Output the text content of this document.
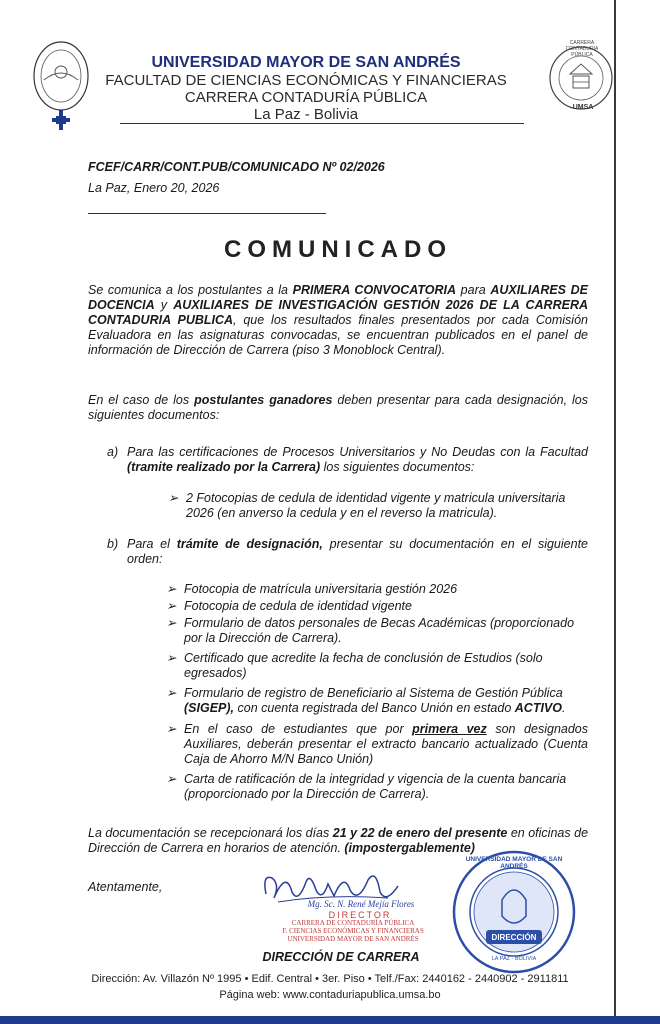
CARRERA CONTADURIA PÚBLICA
UMSA
UNIVERSIDAD MAYOR DE SAN ANDRÉS
FACULTAD DE CIENCIAS ECONÓMICAS Y FINANCIERAS
CARRERA CONTADURÍA PÚBLICA
La Paz - Bolivia
FCEF/CARR/CONT.PUB/COMUNICADO Nº 02/2026
La Paz, Enero 20, 2026
COMUNICADO
Se comunica a los postulantes a la PRIMERA CONVOCATORIA para AUXILIARES DE DOCENCIA y AUXILIARES DE INVESTIGACIÓN GESTIÓN 2026 DE LA CARRERA CONTADURIA PUBLICA, que los resultados finales presentados por cada Comisión Evaluadora en las asignaturas convocadas, se encuentran publicados en el panel de información de Dirección de Carrera (piso 3 Monoblock Central).
En el caso de los postulantes ganadores deben presentar para cada designación, los siguientes documentos:
a) Para las certificaciones de Procesos Universitarios y No Deudas con la Facultad (tramite realizado por la Carrera) los siguientes documentos:
➢ 2 Fotocopias de cedula de identidad vigente y matricula universitaria 2026 (en anverso la cedula y en el reverso la matricula).
b) Para el trámite de designación, presentar su documentación en el siguiente orden:
➢ Fotocopia de matrícula universitaria gestión 2026
➢ Fotocopia de cedula de identidad vigente
➢ Formulario de datos personales de Becas Académicas (proporcionado por la Dirección de Carrera).
➢ Certificado que acredite la fecha de conclusión de Estudios (solo egresados)
➢ Formulario de registro de Beneficiario al Sistema de Gestión Pública (SIGEP), con cuenta registrada del Banco Unión en estado ACTIVO.
➢ En el caso de estudiantes que por primera vez son designados Auxiliares, deberán presentar el extracto bancario actualizado (Cuenta Caja de Ahorro M/N Banco Unión)
➢ Carta de ratificación de la integridad y vigencia de la cuenta bancaria (proporcionado por la Dirección de Carrera).
La documentación se recepcionará los días 21 y 22 de enero del presente en oficinas de Dirección de Carrera en horarios de atención. (impostergablemente)
Atentamente,
Mg. Sc. N. René Mejía Flores
DIRECTOR
CARRERA DE CONTADURÍA PÚBLICA
F. CIENCIAS ECONÓMICAS Y FINANCIERAS
UNIVERSIDAD MAYOR DE SAN ANDRÉS
DIRECCIÓN DE CARRERA
UNIVERSIDAD MAYOR DE SAN ANDRÉS
DIRECCIÓN
LA PAZ - BOLIVIA
Dirección: Av. Villazón Nº 1995 • Edif. Central • 3er. Piso • Telf./Fax: 2440162 - 2440902 - 2911811
Página web: www.contaduriapublica.umsa.bo
